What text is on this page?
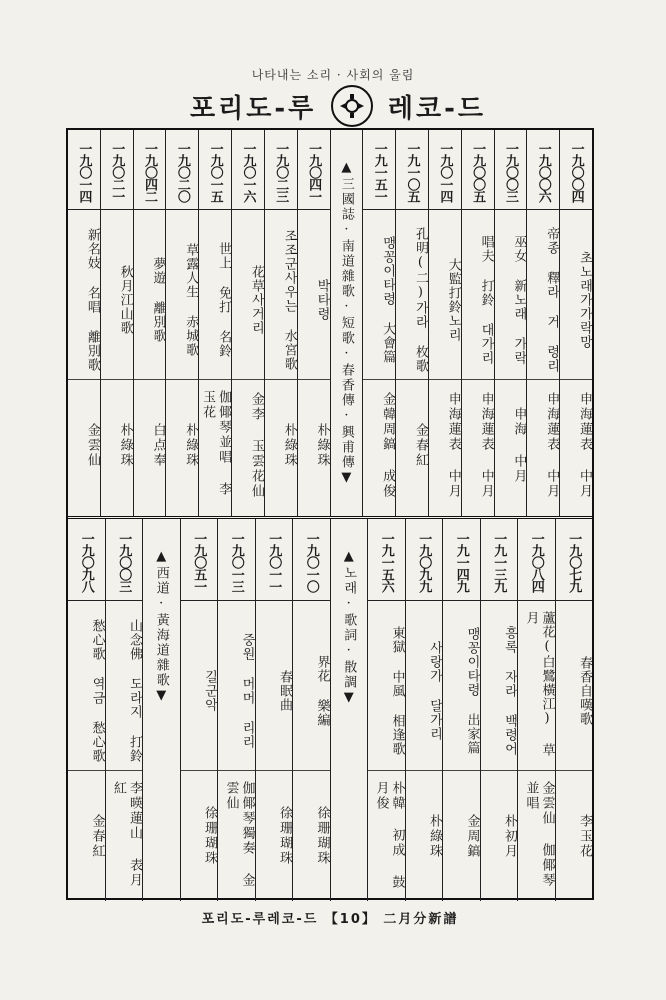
나타내는 소리 · 사회의 울림
포리도-루	레코-드
一九〇〇四
초노래가가락망
申海蓮表 中月
一九〇〇六
帝종 釋라 거 령리
申海蓮表 中月
一九〇〇三
巫女 新노래 가락
申海 中月
一九〇〇五
唱夫 打鈴 대가리
申海蓮表 中月
一九〇一四
大監打鈴노리
申海蓮表 中月
一九一〇五
孔明(二)가라 枚歌
金春紅
一九一五一
맹꽁이타령 大會篇
金韓周鎬 成俊
▲三國誌·南道雜歌·短歌·春香傳·興甫傳▼
一九〇四一
박타령
朴綠珠
一九〇二三
조조군사우는 水宮歌
朴綠珠
一九〇一六
花草사거리
金李 玉雲花仙
一九〇一五
世上 免打 名鈴
伽倻琴並唱 李玉花
一九〇二〇
草露人生 赤城歌
朴綠珠
一九〇四二
夢遊 離別歌
白点奉
一九〇二一
秋月江山歌
朴綠珠
一九〇一四
新名妓 名唱 離別歌
金雲仙
一九〇七九
春香自嘆歌
李玉花
一九〇八四
蘆花(白鷺橫江) 草月
金雲仙 伽倻琴並唱
一九一三九
흥록 자라 백령어
朴初月
一九一四九
맹꽁이타령 出家篇
金周鎬
一九〇九九
사랑가 달가리
朴綠珠
一九一五六
東獄 中風 相逢歌
朴韓 初成 鼓月俊
▲노래·歌詞·散調▼
一九〇一〇
界花 樂編
徐珊瑚珠
一九〇一一
春眠曲
徐珊瑚珠
一九〇一三
중원 머머 리리
伽倻琴獨奏 金雲仙
一九〇五一
길군악
徐珊瑚珠
▲西道·黃海道雜歌▼
一九〇〇三
山念佛 도라지 打鈴
李暎蓮山 表月紅
一九〇九八
愁心歌 역금 愁心歌
金春紅
포리도-루레코-드 【10】 二月分新譜
